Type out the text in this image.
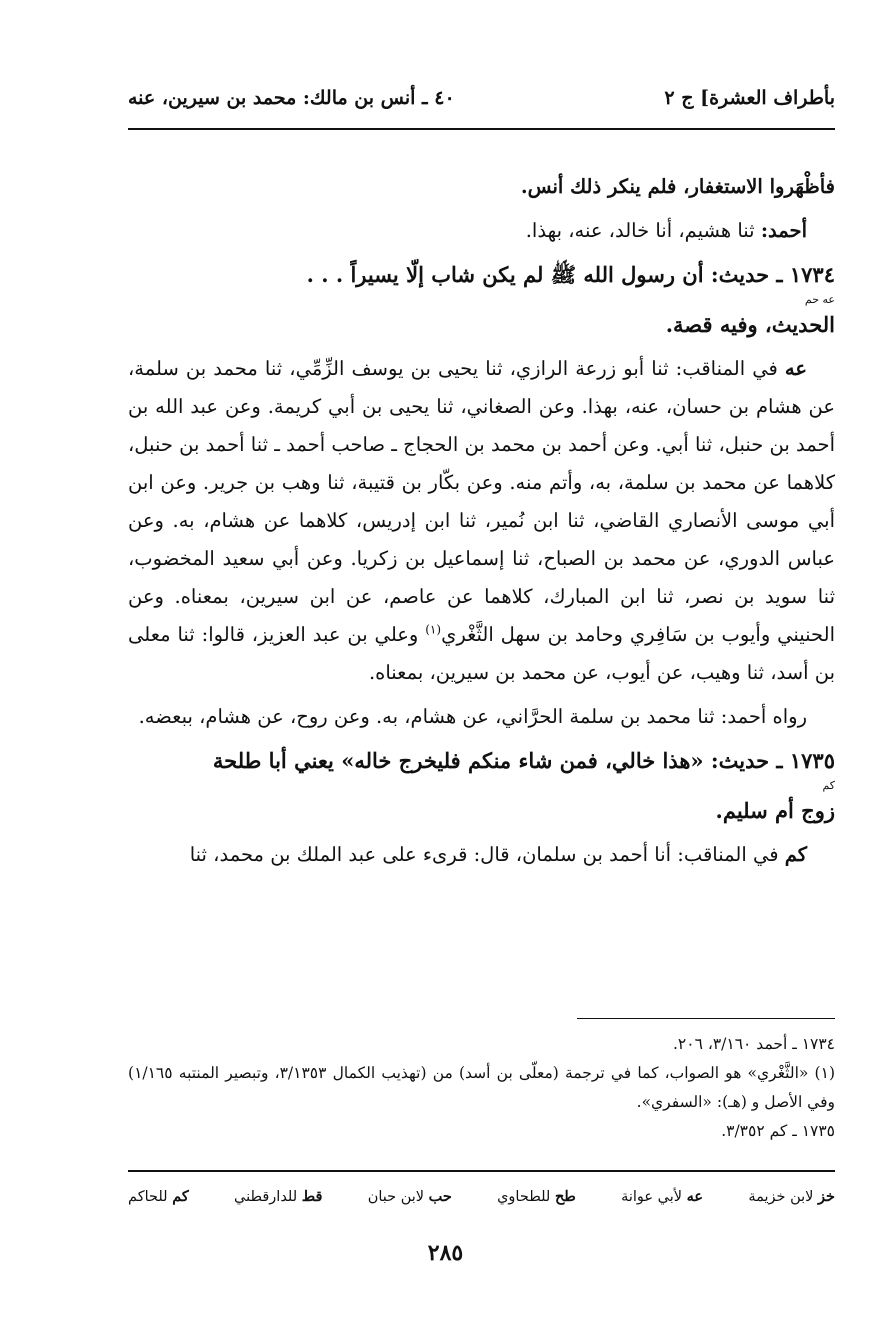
بأطراف العشرة] ج ٢
٤٠ ـ أنس بن مالك: محمد بن سيرين، عنه

فأظْهَروا الاستغفار، فلم ينكر ذلك أنس.

أحمد: ثنا هشيم، أنا خالد، عنه، بهذا.

١٧٣٤ ـ حديث: أن رسول الله ﷺ لم يكن شاب إلّا يسيراً . . .

عه حم

الحديث، وفيه قصة.

عه في المناقب: ثنا أبو زرعة الرازي، ثنا يحيى بن يوسف الزِّمِّي، ثنا محمد بن سلمة، عن هشام بن حسان، عنه، بهذا. وعن الصغاني، ثنا يحيى بن أبي كريمة. وعن عبد الله بن أحمد بن حنبل، ثنا أبي. وعن أحمد بن محمد بن الحجاج ـ صاحب أحمد ـ ثنا أحمد بن حنبل، كلاهما عن محمد بن سلمة، به، وأتم منه. وعن بكّار بن قتيبة، ثنا وهب بن جرير. وعن ابن أبي موسى الأنصاري القاضي، ثنا ابن نُمير، ثنا ابن إدريس، كلاهما عن هشام، به. وعن عباس الدوري، عن محمد بن الصباح، ثنا إسماعيل بن زكريا. وعن أبي سعيد المخضوب، ثنا سويد بن نصر، ثنا ابن المبارك، كلاهما عن عاصم، عن ابن سيرين، بمعناه. وعن الحنيني وأيوب بن سَافِري وحامد بن سهل الثَّغْري$^{(١)}$ وعلي بن عبد العزيز، قالوا: ثنا معلى بن أسد، ثنا وهيب، عن أيوب، عن محمد بن سيرين، بمعناه.

رواه أحمد: ثنا محمد بن سلمة الحرَّاني، عن هشام، به. وعن روح، عن هشام، ببعضه.

١٧٣٥ ـ حديث: «هذا خالي، فمن شاء منكم فليخرج خاله» يعني أبا طلحة

كم

زوج أم سليم.

كم في المناقب: أنا أحمد بن سلمان، قال: قرىء على عبد الملك بن محمد، ثنا

١٧٣٤ ـ أحمد ٣/١٦٠، ٢٠٦.

(١) «الثَّغْري» هو الصواب، كما في ترجمة (معلّى بن أسد) من (تهذيب الكمال ٣/١٣٥٣، وتبصير المنتبه ١/١٦٥) وفي الأصل و (هـ): «السفري».

١٧٣٥ ـ كم ٣/٣٥٢.

خز لابن خزيمة
عه لأبي عوانة
طح للطحاوي
حب لابن حبان
قط للدارقطني
كم للحاكم
٢٨٥
